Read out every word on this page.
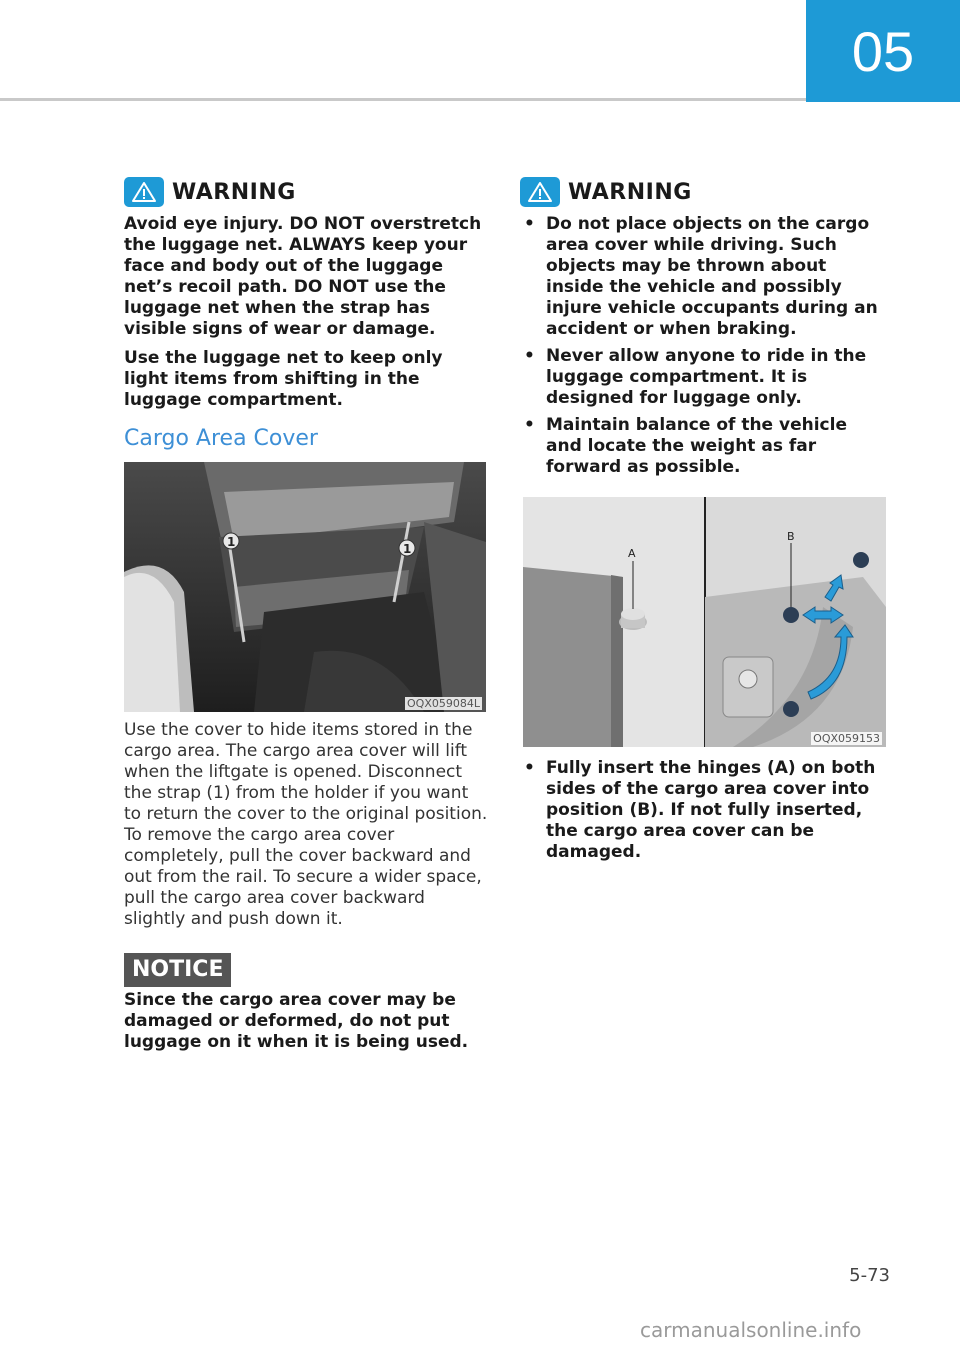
05
WARNING

Avoid eye injury. DO NOT overstretch the luggage net. ALWAYS keep your face and body out of the luggage net’s recoil path. DO NOT use the luggage net when the strap has visible signs of wear or damage.

Use the luggage net to keep only light items from shifting in the luggage compartment.

Cargo Area Cover
1	1
OQX059084L

Use the cover to hide items stored in the cargo area. The cargo area cover will lift when the liftgate is opened. Disconnect the strap (1) from the holder if you want to return the cover to the original position. To remove the cargo area cover completely, pull the cover backward and out from the rail. To secure a wider space, pull the cargo area cover backward slightly and push down it.

NOTICE

Since the cargo area cover may be damaged or deformed, do not put luggage on it when it is being used.

WARNING
• Do not place objects on the cargo area cover while driving. Such objects may be thrown about inside the vehicle and possibly injure vehicle occupants during an accident or when braking.
• Never allow anyone to ride in the luggage compartment. It is designed for luggage only.
• Maintain balance of the vehicle and locate the weight as far forward as possible.
A
B
OQX059153
• Fully insert the hinges (A) on both sides of the cargo area cover into position (B). If not fully inserted, the cargo area cover can be damaged.
5-73
carmanualsonline.info
